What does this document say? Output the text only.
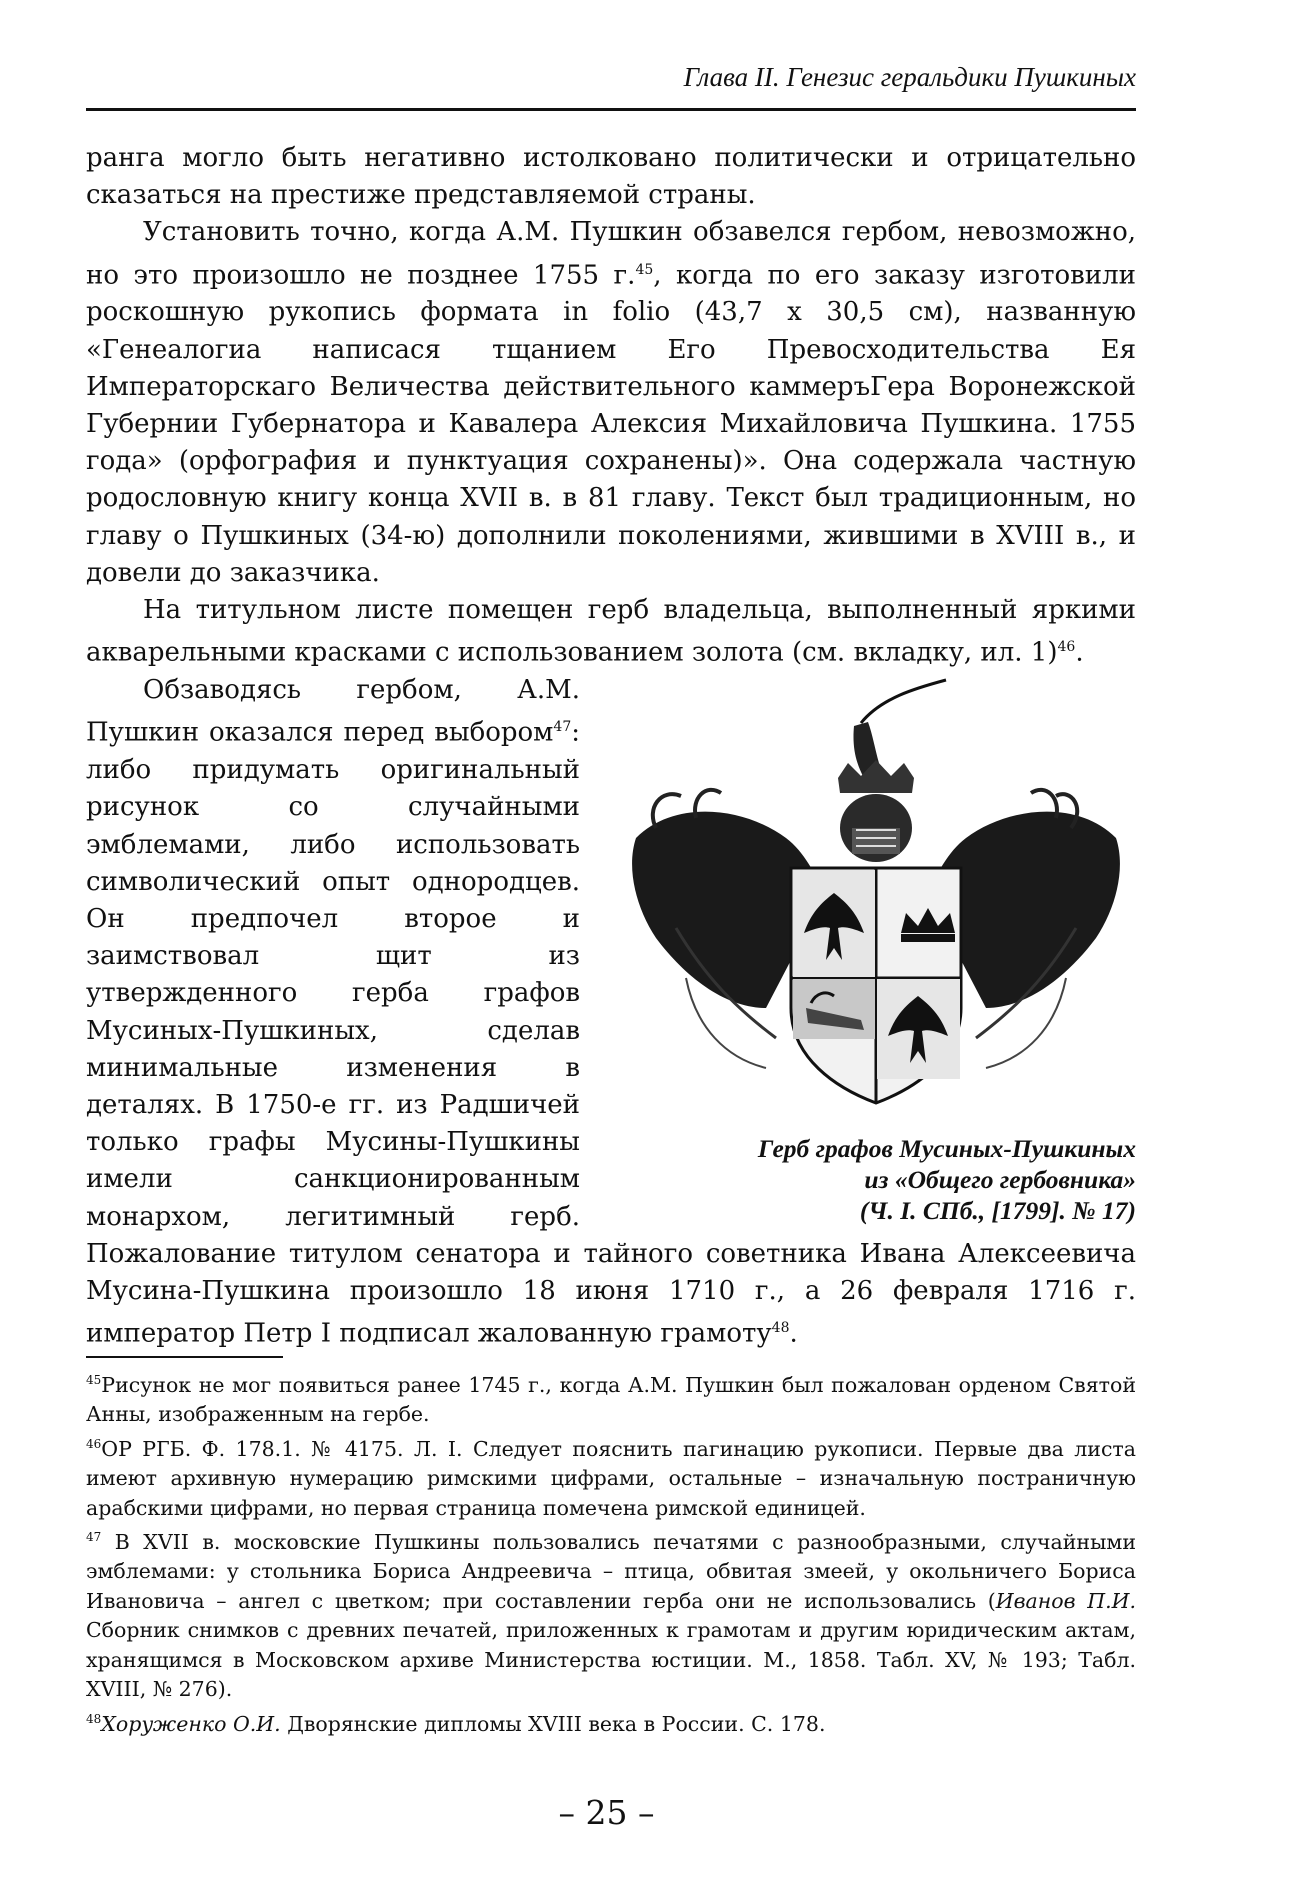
Глава II. Генезис геральдики Пушкиных

ранга могло быть негативно истолковано политически и отрицательно сказаться на престиже представляемой страны.

Установить точно, когда А.М. Пушкин обзавелся гербом, невозможно, но это произошло не позднее 1755 г.$^{45}$, когда по его заказу изготовили роскошную рукопись формата in folio (43,7 х 30,5 см), названную «Генеалогиа написася тщанием Его Превосходительства Ея Императорскаго Величества действительного каммеръГера Воронежской Губернии Губернатора и Кавалера Алексия Михайловича Пушкина. 1755 года» (орфография и пунктуация сохранены)». Она содержала частную родословную книгу конца XVII в. в 81 главу. Текст был традиционным, но главу о Пушкиных (34-ю) дополнили поколениями, жившими в XVIII в., и довели до заказчика.

На титульном листе помещен герб владельца, выполненный яркими акварельными красками с использованием золота (см. вкладку, ил. 1)$^{46}$.

Герб графов Мусиных-Пушкиных
из «Общего гербовника»
(Ч. I. СПб., [1799]. № 17)

Обзаводясь гербом, А.М. Пушкин оказался перед выбором$^{47}$: либо придумать оригинальный рисунок со случайными эмблемами, либо использовать символический опыт однородцев. Он предпочел второе и заимствовал щит из утвержденного герба графов Мусиных-Пушкиных, сделав минимальные изменения в деталях. В 1750-е гг. из Радшичей только графы Мусины-Пушкины имели санкционированным монархом, легитимный герб. Пожалование титулом сенатора и тайного советника Ивана Алексеевича Мусина-Пушкина произошло 18 июня 1710 г., а 26 февраля 1716 г. император Петр I подписал жалованную грамоту$^{48}$.

$^{45}$Рисунок не мог появиться ранее 1745 г., когда А.М. Пушкин был пожалован орденом Святой Анны, изображенным на гербе.

$^{46}$ОР РГБ. Ф. 178.1. № 4175. Л. I. Следует пояснить пагинацию рукописи. Первые два листа имеют архивную нумерацию римскими цифрами, остальные – изначальную постраничную арабскими цифрами, но первая страница помечена римской единицей.

$^{47}$ В XVII в. московские Пушкины пользовались печатями с разнообразными, случайными эмблемами: у стольника Бориса Андреевича – птица, обвитая змеей, у окольничего Бориса Ивановича – ангел с цветком; при составлении герба они не использовались (Иванов П.И. Сборник снимков с древних печатей, приложенных к грамотам и другим юридическим актам, хранящимся в Московском архиве Министерства юстиции. М., 1858. Табл. XV, № 193; Табл. XVIII, № 276).

$^{48}$Хорyженко О.И. Дворянские дипломы XVIII века в России. С. 178.

– 25 –
